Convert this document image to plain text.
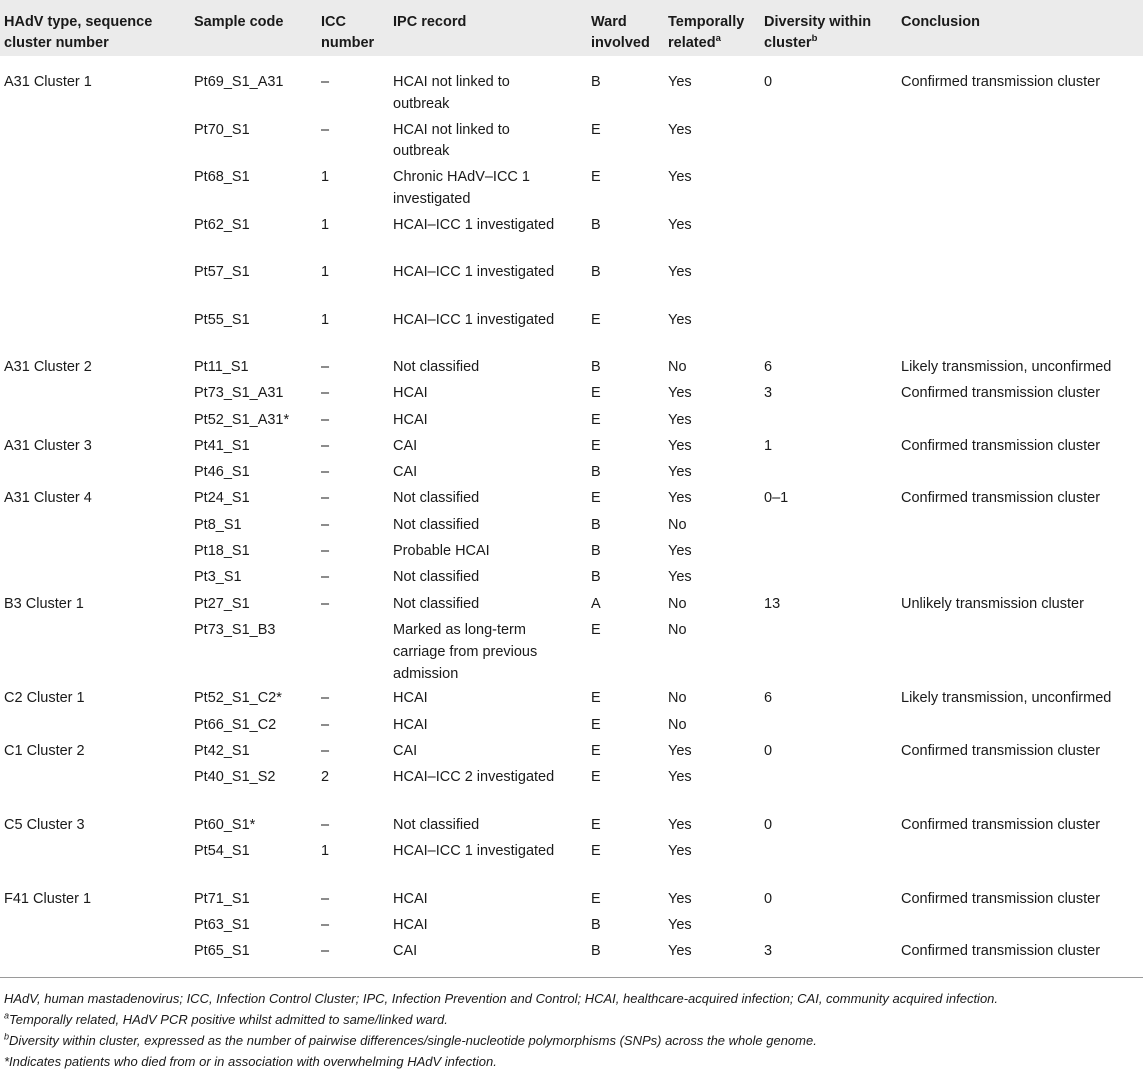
HAdV type, sequence cluster number	Sample code	ICC number	IPC record	Ward involved	Temporally related$^a$	Diversity within cluster$^b$	Conclusion

A31 Cluster 1	Pt69_S1_A31	–	HCAI not linked to outbreak	B	Yes	0	Confirmed transmission cluster
	Pt70_S1	–	HCAI not linked to outbreak	E	Yes		
	Pt68_S1	1	Chronic HAdV–ICC 1 investigated	E	Yes		
	Pt62_S1	1	HCAI–ICC 1 investigated	B	Yes		
	Pt57_S1	1	HCAI–ICC 1 investigated	B	Yes		
	Pt55_S1	1	HCAI–ICC 1 investigated	E	Yes		
A31 Cluster 2	Pt11_S1	–	Not classified	B	No	6	Likely transmission, unconfirmed
	Pt73_S1_A31	–	HCAI	E	Yes	3	Confirmed transmission cluster
	Pt52_S1_A31*	–	HCAI	E	Yes		
A31 Cluster 3	Pt41_S1	–	CAI	E	Yes	1	Confirmed transmission cluster
	Pt46_S1	–	CAI	B	Yes		
A31 Cluster 4	Pt24_S1	–	Not classified	E	Yes	0–1	Confirmed transmission cluster
	Pt8_S1	–	Not classified	B	No		
	Pt18_S1	–	Probable HCAI	B	Yes		
	Pt3_S1	–	Not classified	B	Yes		
B3 Cluster 1	Pt27_S1	–	Not classified	A	No	13	Unlikely transmission cluster
	Pt73_S1_B3		Marked as long-term carriage from previous admission	E	No		
C2 Cluster 1	Pt52_S1_C2*	–	HCAI	E	No	6	Likely transmission, unconfirmed
	Pt66_S1_C2	–	HCAI	E	No		
C1 Cluster 2	Pt42_S1	–	CAI	E	Yes	0	Confirmed transmission cluster
	Pt40_S1_S2	2	HCAI–ICC 2 investigated	E	Yes		
C5 Cluster 3	Pt60_S1*	–	Not classified	E	Yes	0	Confirmed transmission cluster
	Pt54_S1	1	HCAI–ICC 1 investigated	E	Yes		
F41 Cluster 1	Pt71_S1	–	HCAI	E	Yes	0	Confirmed transmission cluster
	Pt63_S1	–	HCAI	B	Yes		
	Pt65_S1	–	CAI	B	Yes	3	Confirmed transmission cluster

HAdV, human mastadenovirus; ICC, Infection Control Cluster; IPC, Infection Prevention and Control; HCAI, healthcare-acquired infection; CAI, community acquired infection.

$^a$Temporally related, HAdV PCR positive whilst admitted to same/linked ward.

$^b$Diversity within cluster, expressed as the number of pairwise differences/single-nucleotide polymorphisms (SNPs) across the whole genome.

*Indicates patients who died from or in association with overwhelming HAdV infection.
